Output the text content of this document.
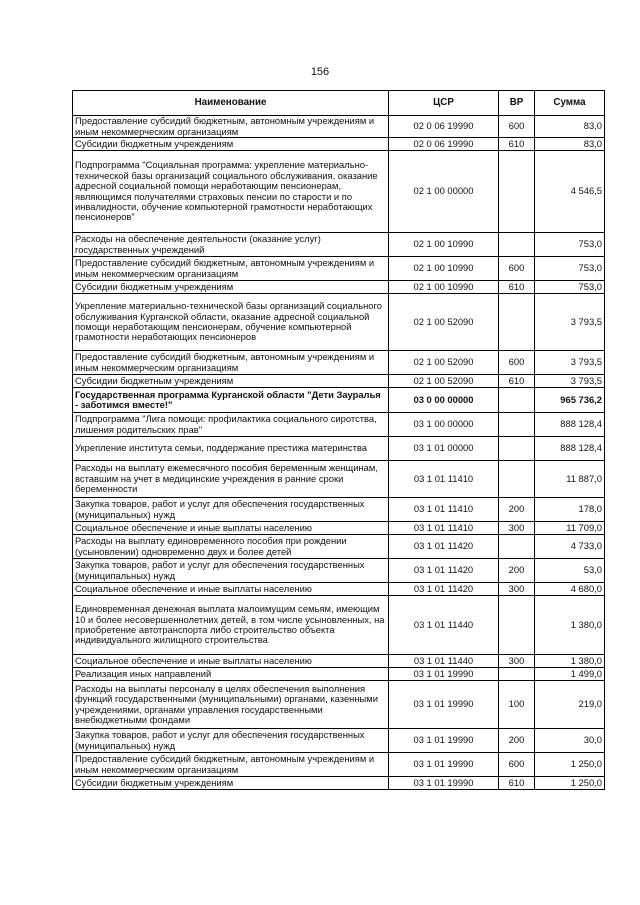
156
Наименование	ЦСР	ВР	Сумма
Предоставление субсидий бюджетным, автономным учреждениям и иным некоммерческим организациям	02 0 06 19990	600	83,0
Субсидии бюджетным учреждениям	02 0 06 19990	610	83,0
Подпрограмма "Социальная программа: укрепление материально-технической базы организаций социального обслуживания, оказание адресной социальной помощи неработающим пенсионерам, являющимся получателями страховых пенсии по старости и по инвалидности, обучение компьютерной грамотности неработающих пенсионеров"	02 1 00 00000		4 546,5
Расходы на обеспечение деятельности (оказание услуг) государственных учреждений	02 1 00 10990		753,0
Предоставление субсидий бюджетным, автономным учреждениям и иным некоммерческим организациям	02 1 00 10990	600	753,0
Субсидии бюджетным учреждениям	02 1 00 10990	610	753,0
Укрепление материально-технической базы организаций социального обслуживания Курганской области, оказание адресной социальной помощи неработающим пенсионерам, обучение компьютерной грамотности неработающих пенсионеров	02 1 00 52090		3 793,5
Предоставление субсидий бюджетным, автономным учреждениям и иным некоммерческим организациям	02 1 00 52090	600	3 793,5
Субсидии бюджетным учреждениям	02 1 00 52090	610	3 793,5
Государственная программа Курганской области "Дети Зауралья - заботимся вместе!"	03 0 00 00000		965 736,2
Подпрограмма "Лига помощи: профилактика социального сиротства, лишения родительских прав"	03 1 00 00000		888 128,4
Укрепление института семьи, поддержание престижа материнства	03 1 01 00000		888 128,4
Расходы на выплату ежемесячного пособия беременным женщинам, вставшим на учет в медицинские учреждения в ранние сроки беременности	03 1 01 11410		11 887,0
Закупка товаров, работ и услуг для обеспечения государственных (муниципальных) нужд	03 1 01 11410	200	178,0
Социальное обеспечение и иные выплаты населению	03 1 01 11410	300	11 709,0
Расходы на выплату единовременного пособия при рождении (усыновлении) одновременно двух и более детей	03 1 01 11420		4 733,0
Закупка товаров, работ и услуг для обеспечения государственных (муниципальных) нужд	03 1 01 11420	200	53,0
Социальное обеспечение и иные выплаты населению	03 1 01 11420	300	4 680,0
Единовременная денежная выплата малоимущим семьям, имеющим 10 и более несовершеннолетних детей, в том числе усыновленных, на приобретение автотранспорта либо строительство объекта индивидуального жилищного строительства	03 1 01 11440		1 380,0
Социальное обеспечение и иные выплаты населению	03 1 01 11440	300	1 380,0
Реализация иных направлений	03 1 01 19990		1 499,0
Расходы на выплаты персоналу в целях обеспечения выполнения функций государственными (муниципальными) органами, казенными учреждениями, органами управления государственными внебюджетными фондами	03 1 01 19990	100	219,0
Закупка товаров, работ и услуг для обеспечения государственных (муниципальных) нужд	03 1 01 19990	200	30,0
Предоставление субсидий бюджетным, автономным учреждениям и иным некоммерческим организациям	03 1 01 19990	600	1 250,0
Субсидии бюджетным учреждениям	03 1 01 19990	610	1 250,0
